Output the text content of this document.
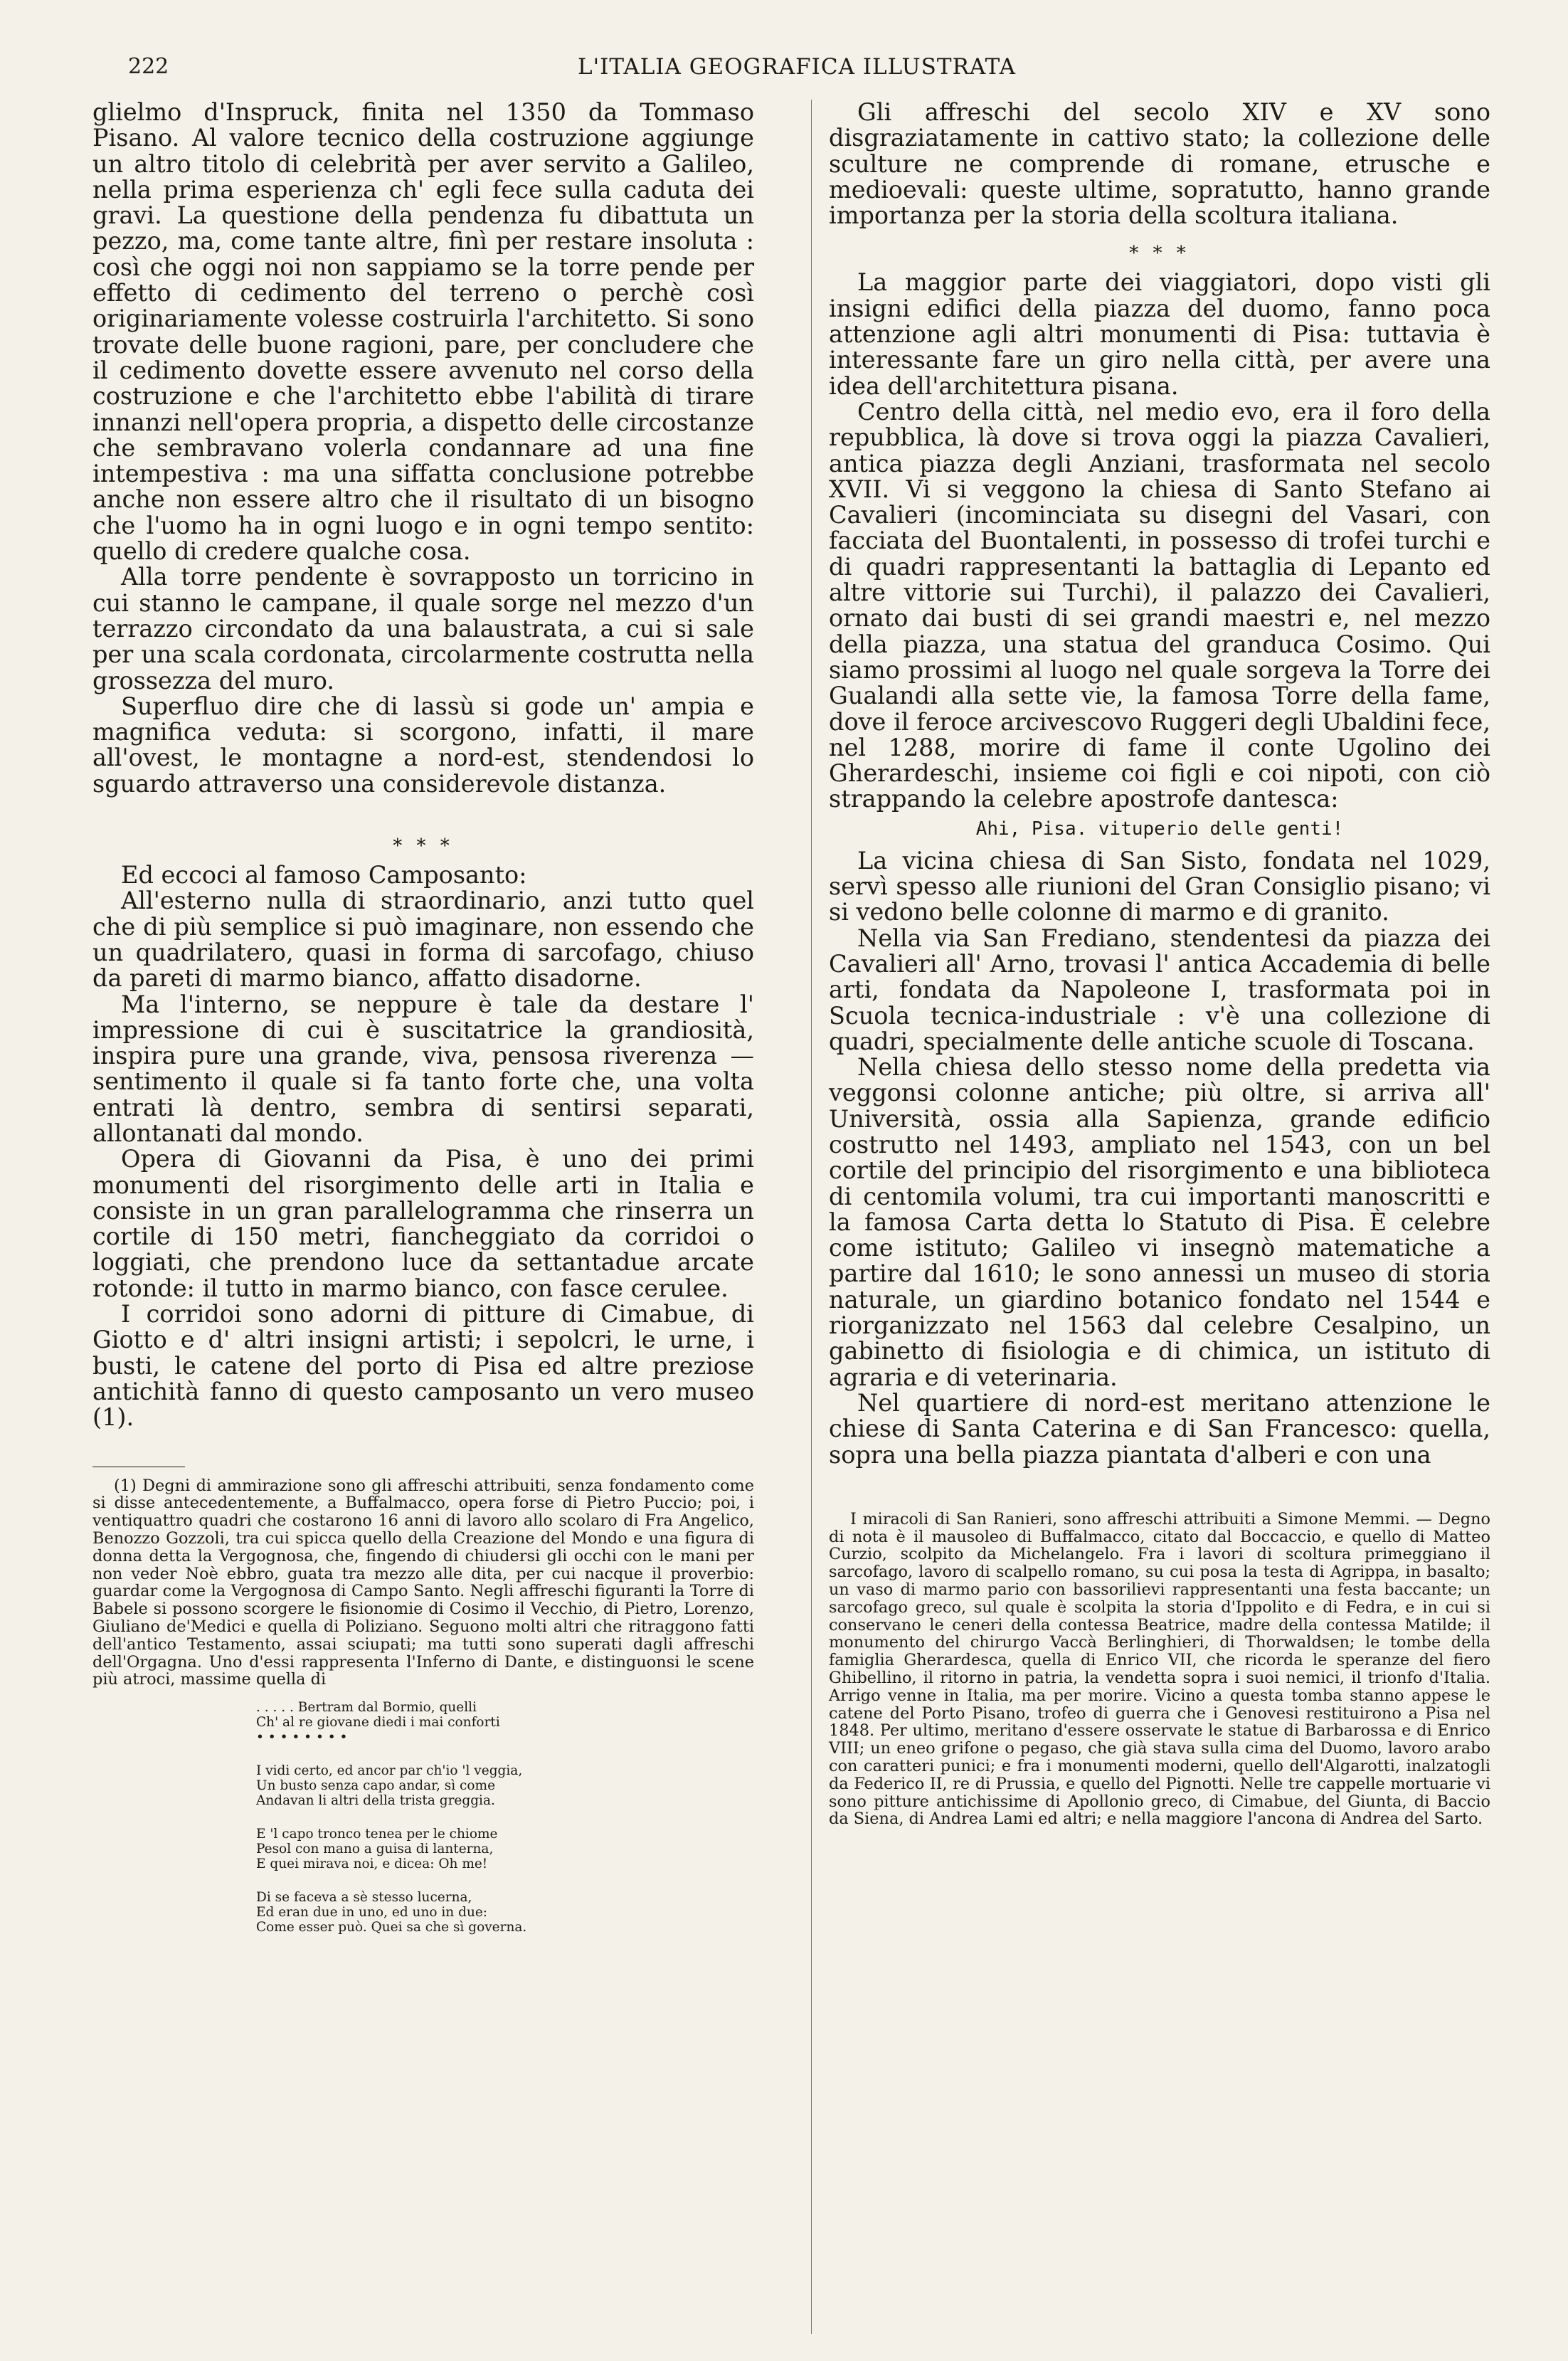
222	L'ITALIA GEOGRAFICA ILLUSTRATA

glielmo d'Inspruck, finita nel 1350 da Tommaso Pisano. Al valore tecnico della costruzione aggiunge un altro titolo di celebrità per aver servito a Galileo, nella prima esperienza ch' egli fece sulla caduta dei gravi. La questione della pendenza fu dibattuta un pezzo, ma, come tante altre, finì per restare insoluta : così che oggi noi non sappiamo se la torre pende per effetto di cedimento del terreno o perchè così originariamente volesse costruirla l'architetto. Si sono trovate delle buone ragioni, pare, per concludere che il cedimento dovette essere avvenuto nel corso della costruzione e che l'architetto ebbe l'abilità di tirare innanzi nell'opera propria, a dispetto delle circostanze che sembravano volerla condannare ad una fine intempestiva : ma una siffatta conclusione potrebbe anche non essere altro che il risultato di un bisogno che l'uomo ha in ogni luogo e in ogni tempo sentito: quello di credere qualche cosa.

Alla torre pendente è sovrapposto un torricino in cui stanno le campane, il quale sorge nel mezzo d'un terrazzo circondato da una balaustrata, a cui si sale per una scala cordonata, circolarmente costrutta nella grossezza del muro.

Superfluo dire che di lassù si gode un' ampia e magnifica veduta: si scorgono, infatti, il mare all'ovest, le montagne a nord-est, stendendosi lo sguardo attraverso una considerevole distanza.

* * *

Ed eccoci al famoso Camposanto:

All'esterno nulla di straordinario, anzi tutto quel che di più semplice si può imaginare, non essendo che un quadrilatero, quasi in forma di sarcofago, chiuso da pareti di marmo bianco, affatto disadorne.

Ma l'interno, se neppure è tale da destare l' impressione di cui è suscitatrice la grandiosità, inspira pure una grande, viva, pensosa riverenza — sentimento il quale si fa tanto forte che, una volta entrati là dentro, sembra di sentirsi separati, allontanati dal mondo.

Opera di Giovanni da Pisa, è uno dei primi monumenti del risorgimento delle arti in Italia e consiste in un gran parallelogramma che rinserra un cortile di 150 metri, fiancheggiato da corridoi o loggiati, che prendono luce da settantadue arcate rotonde: il tutto in marmo bianco, con fasce cerulee.

I corridoi sono adorni di pitture di Cimabue, di Giotto e d' altri insigni artisti; i sepolcri, le urne, i busti, le catene del porto di Pisa ed altre preziose antichità fanno di questo camposanto un vero museo (1).

(1) Degni di ammirazione sono gli affreschi attribuiti, senza fondamento come si disse antecedentemente, a Buffalmacco, opera forse di Pietro Puccio; poi, i ventiquattro quadri che costarono 16 anni di lavoro allo scolaro di Fra Angelico, Benozzo Gozzoli, tra cui spicca quello della Creazione del Mondo e una figura di donna detta la Vergognosa, che, fingendo di chiudersi gli occhi con le mani per non veder Noè ebbro, guata tra mezzo alle dita, per cui nacque il proverbio: guardar come la Vergognosa di Campo Santo. Negli affreschi figuranti la Torre di Babele si possono scorgere le fisionomie di Cosimo il Vecchio, di Pietro, Lorenzo, Giuliano de'Medici e quella di Poliziano. Seguono molti altri che ritraggono fatti dell'antico Testamento, assai sciupati; ma tutti sono superati dagli affreschi dell'Orgagna. Uno d'essi rappresenta l'Inferno di Dante, e distinguonsi le scene più atroci, massime quella di

. . . . . Bertram dal Bormio, quelli
Ch' al re giovane diedi i mai conforti
• • • • • • • •
I vidi certo, ed ancor par ch'io 'l veggia,
Un busto senza capo andar, sì come
Andavan li altri della trista greggia.
E 'l capo tronco tenea per le chiome
Pesol con mano a guisa di lanterna,
E quei mirava noi, e dicea: Oh me!
Di se faceva a sè stesso lucerna,
Ed eran due in uno, ed uno in due:
Come esser può. Quei sa che sì governa.

Gli affreschi del secolo XIV e XV sono disgraziatamente in cattivo stato; la collezione delle sculture ne comprende di romane, etrusche e medioevali: queste ultime, sopratutto, hanno grande importanza per la storia della scoltura italiana.

* * *

La maggior parte dei viaggiatori, dopo visti gli insigni edifici della piazza del duomo, fanno poca attenzione agli altri monumenti di Pisa: tuttavia è interessante fare un giro nella città, per avere una idea dell'architettura pisana.

Centro della città, nel medio evo, era il foro della repubblica, là dove si trova oggi la piazza Cavalieri, antica piazza degli Anziani, trasformata nel secolo XVII. Vi si veggono la chiesa di Santo Stefano ai Cavalieri (incominciata su disegni del Vasari, con facciata del Buontalenti, in possesso di trofei turchi e di quadri rappresentanti la battaglia di Lepanto ed altre vittorie sui Turchi), il palazzo dei Cavalieri, ornato dai busti di sei grandi maestri e, nel mezzo della piazza, una statua del granduca Cosimo. Qui siamo prossimi al luogo nel quale sorgeva la Torre dei Gualandi alla sette vie, la famosa Torre della fame, dove il feroce arcivescovo Ruggeri degli Ubaldini fece, nel 1288, morire di fame il conte Ugolino dei Gherardeschi, insieme coi figli e coi nipoti, con ciò strappando la celebre apostrofe dantesca:

Ahi, Pisa. vituperio delle genti!

La vicina chiesa di San Sisto, fondata nel 1029, servì spesso alle riunioni del Gran Consiglio pisano; vi si vedono belle colonne di marmo e di granito.

Nella via San Frediano, stendentesi da piazza dei Cavalieri all' Arno, trovasi l' antica Accademia di belle arti, fondata da Napoleone I, trasformata poi in Scuola tecnica-industriale : v'è una collezione di quadri, specialmente delle antiche scuole di Toscana.

Nella chiesa dello stesso nome della predetta via veggonsi colonne antiche; più oltre, si arriva all' Università, ossia alla Sapienza, grande edificio costrutto nel 1493, ampliato nel 1543, con un bel cortile del principio del risorgimento e una biblioteca di centomila volumi, tra cui importanti manoscritti e la famosa Carta detta lo Statuto di Pisa. È celebre come istituto; Galileo vi insegnò matematiche a partire dal 1610; le sono annessi un museo di storia naturale, un giardino botanico fondato nel 1544 e riorganizzato nel 1563 dal celebre Cesalpino, un gabinetto di fisiologia e di chimica, un istituto di agraria e di veterinaria.

Nel quartiere di nord-est meritano attenzione le chiese di Santa Caterina e di San Francesco: quella, sopra una bella piazza piantata d'alberi e con una

I miracoli di San Ranieri, sono affreschi attribuiti a Simone Memmi. — Degno di nota è il mausoleo di Buffalmacco, citato dal Boccaccio, e quello di Matteo Curzio, scolpito da Michelangelo. Fra i lavori di scoltura primeggiano il sarcofago, lavoro di scalpello romano, su cui posa la testa di Agrippa, in basalto; un vaso di marmo pario con bassorilievi rappresentanti una festa baccante; un sarcofago greco, sul quale è scolpita la storia d'Ippolito e di Fedra, e in cui si conservano le ceneri della contessa Beatrice, madre della contessa Matilde; il monumento del chirurgo Vaccà Berlinghieri, di Thorwaldsen; le tombe della famiglia Gherardesca, quella di Enrico VII, che ricorda le speranze del fiero Ghibellino, il ritorno in patria, la vendetta sopra i suoi nemici, il trionfo d'Italia. Arrigo venne in Italia, ma per morire. Vicino a questa tomba stanno appese le catene del Porto Pisano, trofeo di guerra che i Genovesi restituirono a Pisa nel 1848. Per ultimo, meritano d'essere osservate le statue di Barbarossa e di Enrico VIII; un eneo grifone o pegaso, che già stava sulla cima del Duomo, lavoro arabo con caratteri punici; e fra i monumenti moderni, quello dell'Algarotti, inalzatogli da Federico II, re di Prussia, e quello del Pignotti. Nelle tre cappelle mortuarie vi sono pitture antichissime di Apollonio greco, di Cimabue, del Giunta, di Baccio da Siena, di Andrea Lami ed altri; e nella maggiore l'ancona di Andrea del Sarto.
